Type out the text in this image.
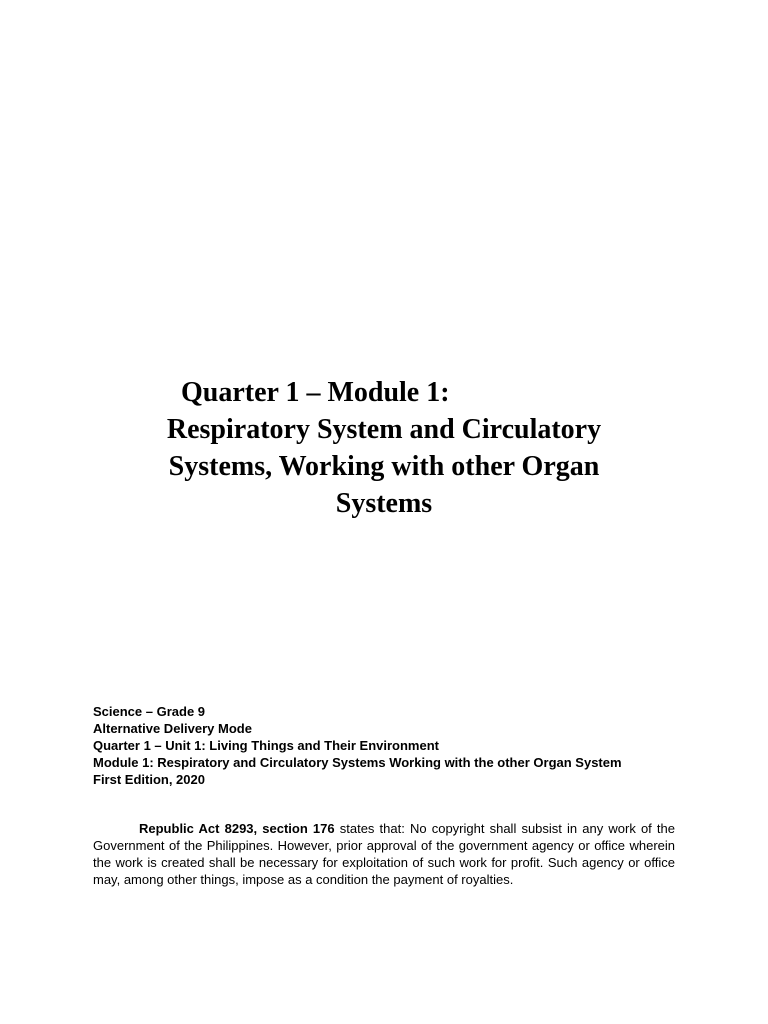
Quarter 1 – Module 1:

Respiratory System and Circulatory
Systems, Working with other Organ
Systems

Science – Grade 9
Alternative Delivery Mode
Quarter 1 – Unit 1: Living Things and Their Environment
Module 1: Respiratory and Circulatory Systems Working with the other Organ System
First Edition, 2020

Republic Act 8293, section 176 states that: No copyright shall subsist in any work of the Government of the Philippines. However, prior approval of the government agency or office wherein the work is created shall be necessary for exploitation of such work for profit. Such agency or office may, among other things, impose as a condition the payment of royalties.
